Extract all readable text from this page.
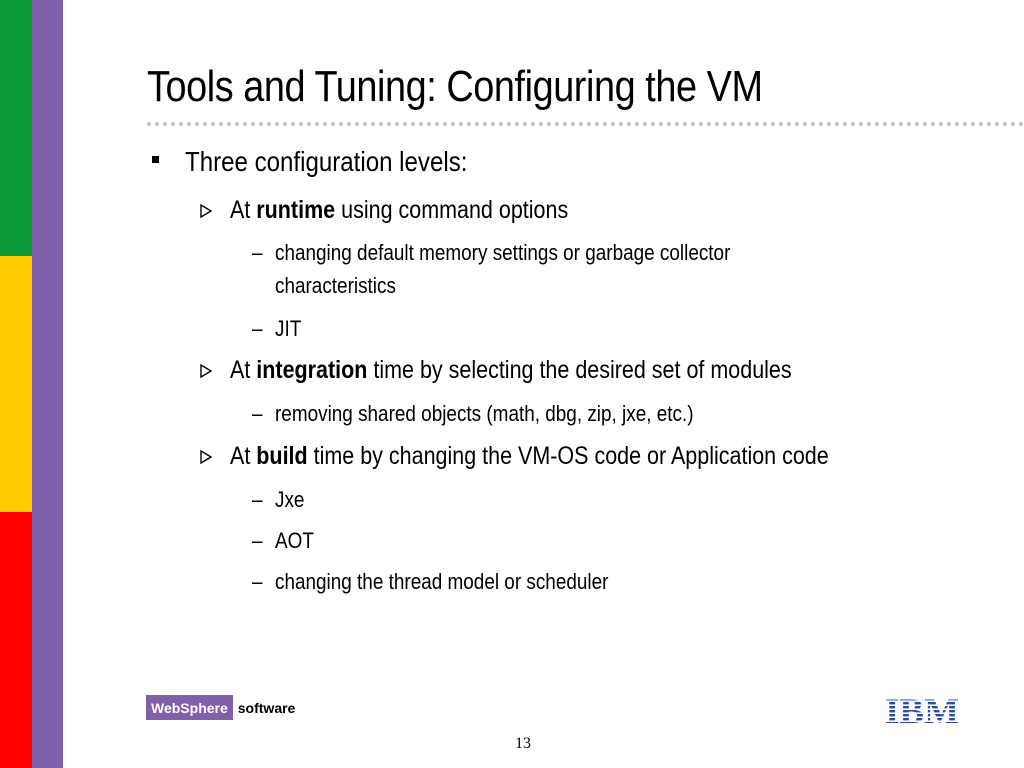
Tools and Tuning: Configuring the VM
Three configuration levels:
At runtime using command options
– changing default memory settings or garbage collector
characteristics
– JIT
At integration time by selecting the desired set of modules
– removing shared objects (math, dbg, zip, jxe, etc.)
At build time by changing the VM-OS code or Application code
– Jxe
– AOT
– changing the thread model or scheduler
WebSphere software	IBM
13
